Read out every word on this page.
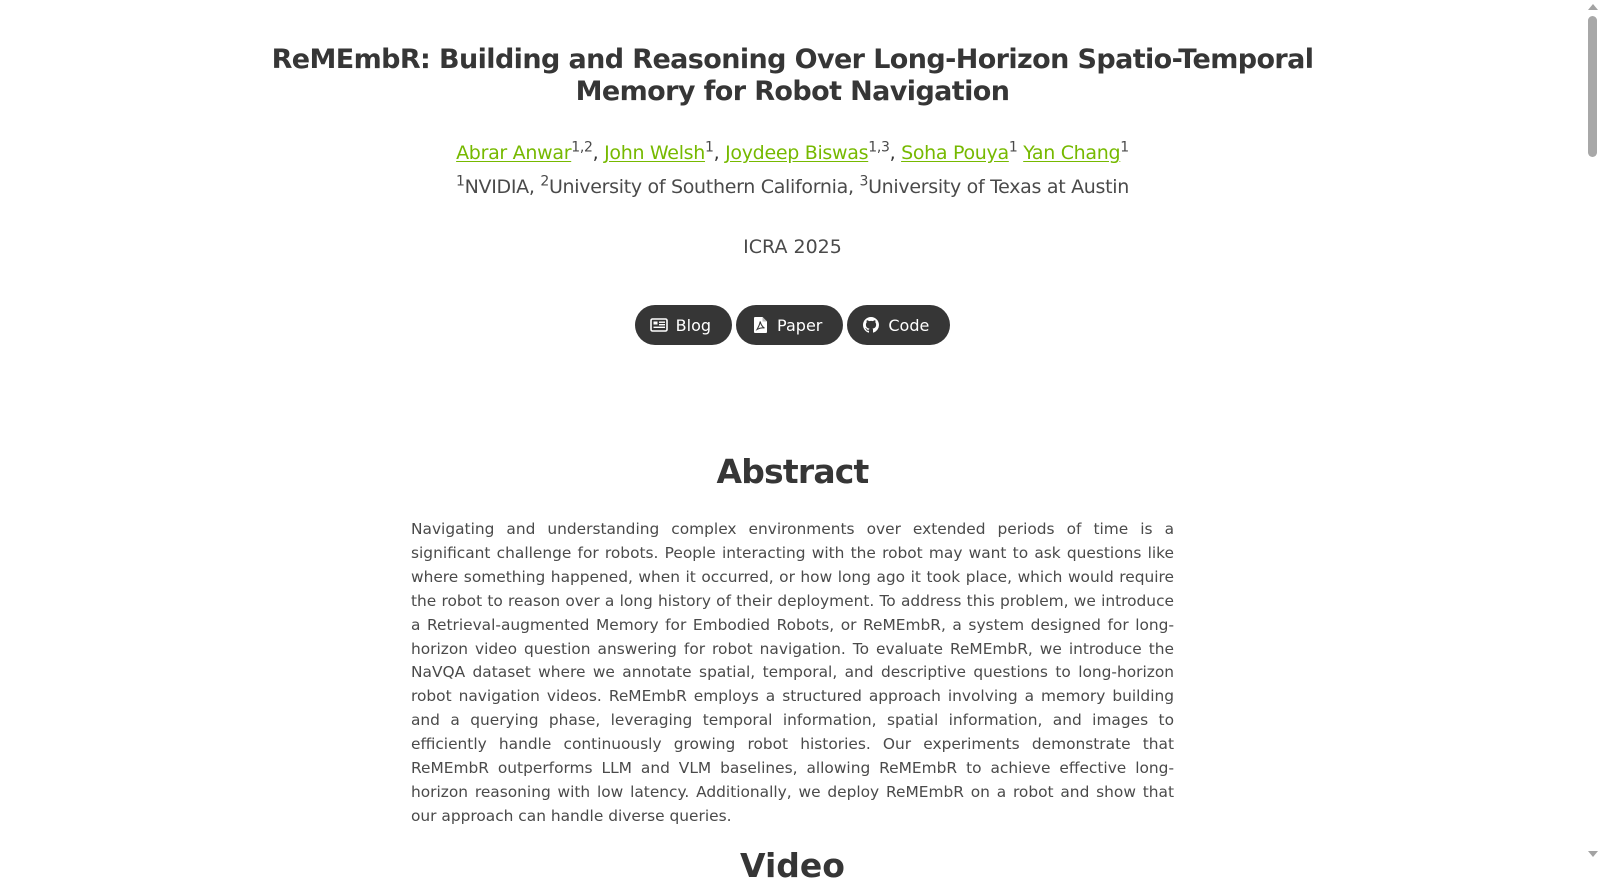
ReMEmbR: Building and Reasoning Over Long-Horizon Spatio-Temporal
Memory for Robot Navigation
Abrar Anwar$^{1,2}$, John Welsh$^1$, Joydeep Biswas$^{1,3}$, Soha Pouya$^1$ Yan Chang$^1$
$^1$NVIDIA, $^2$University of Southern California, $^3$University of Texas at Austin
ICRA 2025
Blog
	Paper
	Code
Abstract
Navigating and understanding complex environments over extended periods of time is a significant challenge for robots. People interacting with the robot may want to ask questions like where something happened, when it occurred, or how long ago it took place, which would require the robot to reason over a long history of their deployment. To address this problem, we introduce a Retrieval-augmented Memory for Embodied Robots, or ReMEmbR, a system designed for long-horizon video question answering for robot navigation. To evaluate ReMEmbR, we introduce the NaVQA dataset where we annotate spatial, temporal, and descriptive questions to long-horizon robot navigation videos. ReMEmbR employs a structured approach involving a memory building and a querying phase, leveraging temporal information, spatial information, and images to efficiently handle continuously growing robot histories. Our experiments demonstrate that ReMEmbR outperforms LLM and VLM baselines, allowing ReMEmbR to achieve effective long-horizon reasoning with low latency. Additionally, we deploy ReMEmbR on a robot and show that our approach can handle diverse queries.
Video
